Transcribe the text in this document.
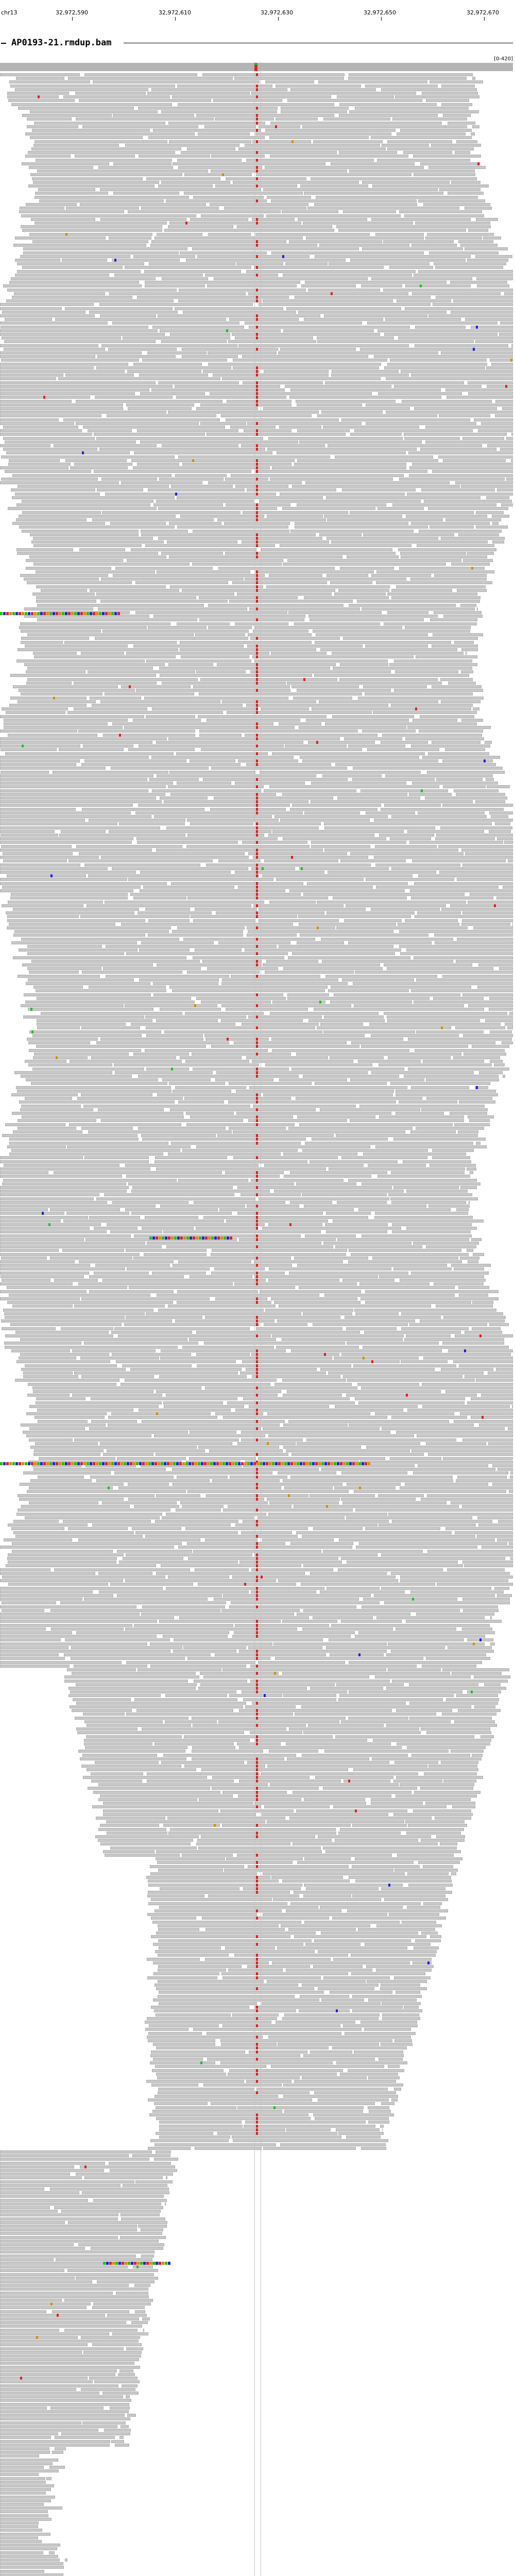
chr13	32,972,590	32,972,610	32,972,630	32,972,650	32,972,670
AP0193-21.rmdup.bam
[0-420]
